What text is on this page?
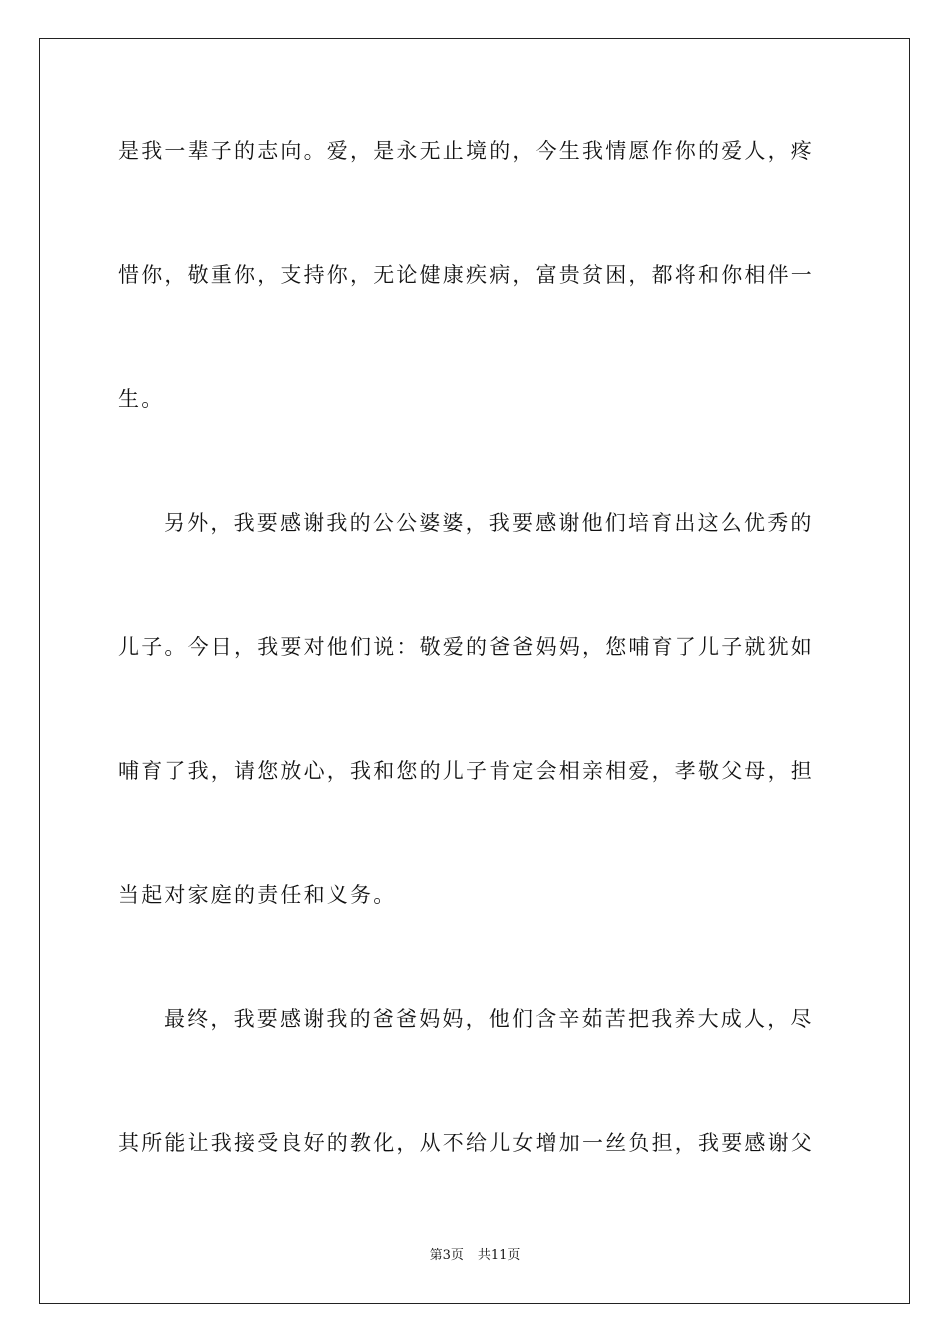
是我一辈子的志向。爱，是永无止境的，今生我情愿作你的爱人，疼
惜你，敬重你，支持你，无论健康疾病，富贵贫困，都将和你相伴一
生。
另外，我要感谢我的公公婆婆，我要感谢他们培育出这么优秀的
儿子。今日，我要对他们说：敬爱的爸爸妈妈，您哺育了儿子就犹如
哺育了我，请您放心，我和您的儿子肯定会相亲相爱，孝敬父母，担
当起对家庭的责任和义务。
最终，我要感谢我的爸爸妈妈，他们含辛茹苦把我养大成人，尽
其所能让我接受良好的教化，从不给儿女增加一丝负担，我要感谢父
第3页 共11页
